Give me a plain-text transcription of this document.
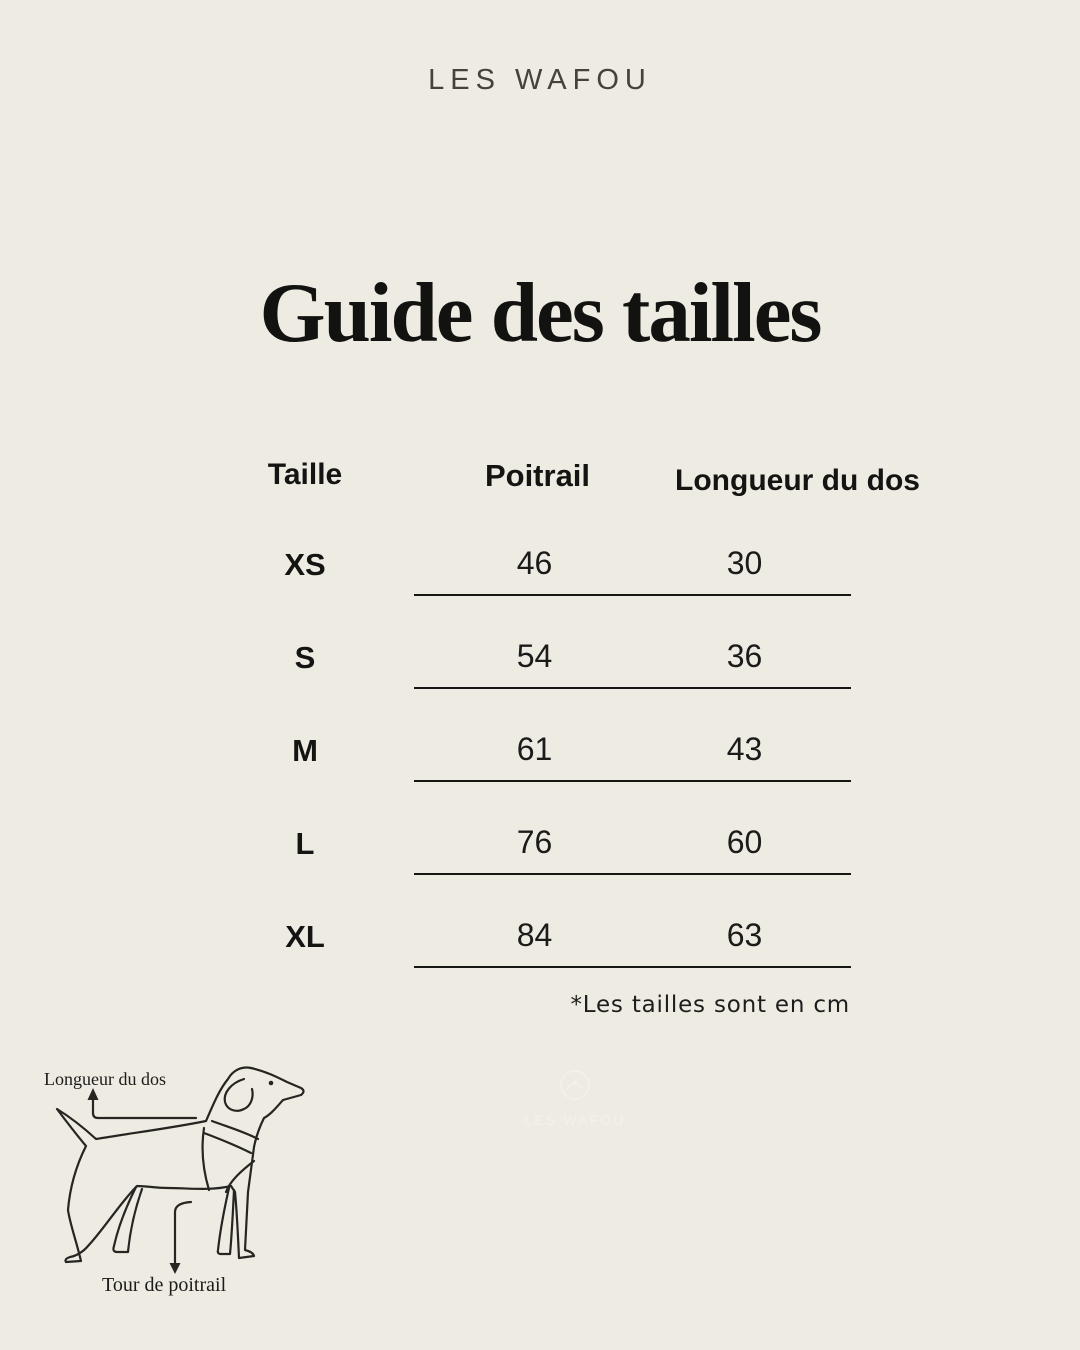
LES WAFOU
Guide des tailles
Taille	Poitrail	Longueur du dos
XS	46	30
S	54	36
M	61	43
L	76	60
XL	84	63
*Les tailles sont en cm
LES WAFOU
Longueur du dos
Tour de poitrail
